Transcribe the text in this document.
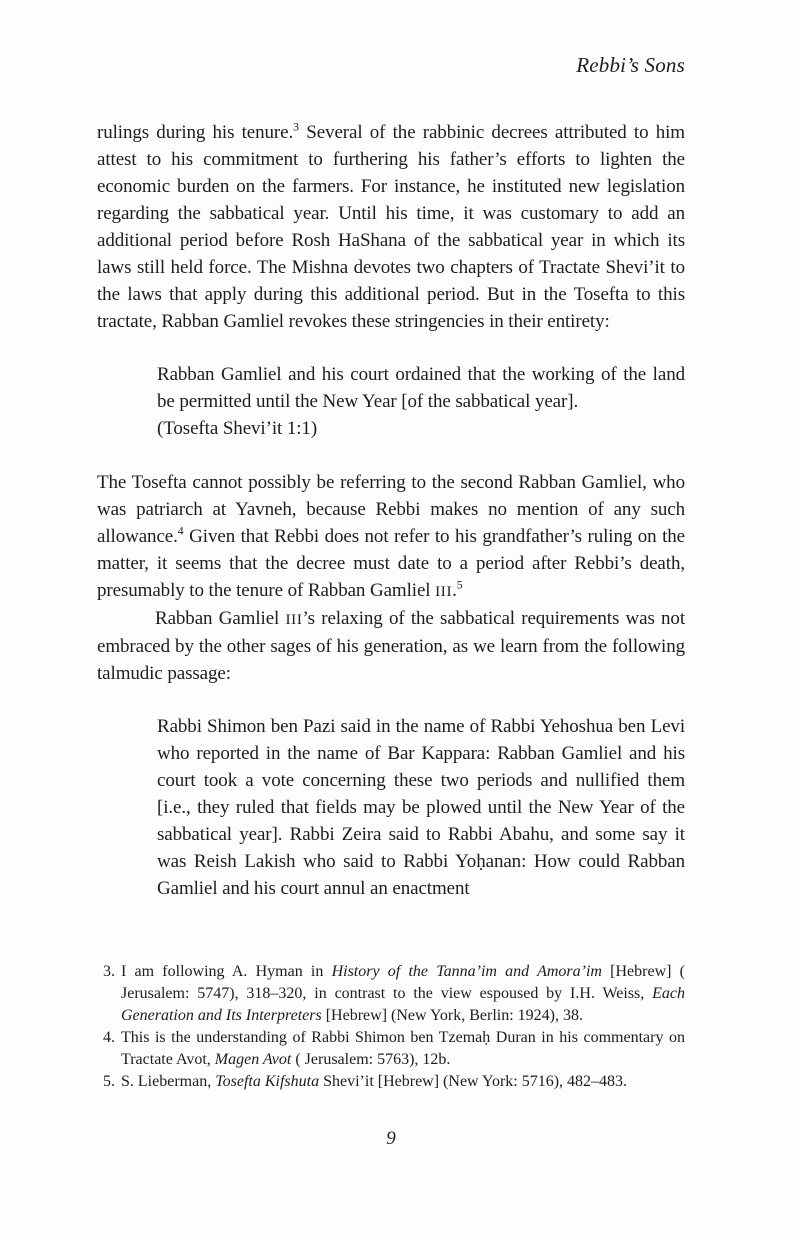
Rebbi’s Sons

rulings during his tenure.$^3$ Several of the rabbinic decrees attributed to him attest to his commitment to furthering his father’s efforts to lighten the economic burden on the farmers. For instance, he instituted new legislation regarding the sabbatical year. Until his time, it was customary to add an additional period before Rosh HaShana of the sabbatical year in which its laws still held force. The Mishna devotes two chapters of Tractate Shevi’it to the laws that apply during this additional period. But in the Tosefta to this tractate, Rabban Gamliel revokes these stringencies in their entirety:

Rabban Gamliel and his court ordained that the working of the land be permitted until the New Year [of the sabbatical year].

(Tosefta Shevi’it 1:1)

The Tosefta cannot possibly be referring to the second Rabban Gamliel, who was patriarch at Yavneh, because Rebbi makes no mention of any such allowance.$^4$ Given that Rebbi does not refer to his grandfather’s ruling on the matter, it seems that the decree must date to a period after Rebbi’s death, presumably to the tenure of Rabban Gamliel III.$^5$

Rabban Gamliel III’s relaxing of the sabbatical requirements was not embraced by the other sages of his generation, as we learn from the following talmudic passage:

Rabbi Shimon ben Pazi said in the name of Rabbi Yehoshua ben Levi who reported in the name of Bar Kappara: Rabban Gamliel and his court took a vote concerning these two periods and nullified them [i.e., they ruled that fields may be plowed until the New Year of the sabbatical year]. Rabbi Zeira said to Rabbi Abahu, and some say it was Reish Lakish who said to Rabbi Yoḥanan: How could Rabban Gamliel and his court annul an enactment

3. I am following A. Hyman in History of the Tanna’im and Amora’im [Hebrew] ( Jerusalem: 5747), 318–320, in contrast to the view espoused by I.H. Weiss, Each Generation and Its Interpreters [Hebrew] (New York, Berlin: 1924), 38.
4. This is the understanding of Rabbi Shimon ben Tzemaḥ Duran in his commentary on Tractate Avot, Magen Avot ( Jerusalem: 5763), 12b.
5. S. Lieberman, Tosefta Kifshuta Shevi’it [Hebrew] (New York: 5716), 482–483.
9
